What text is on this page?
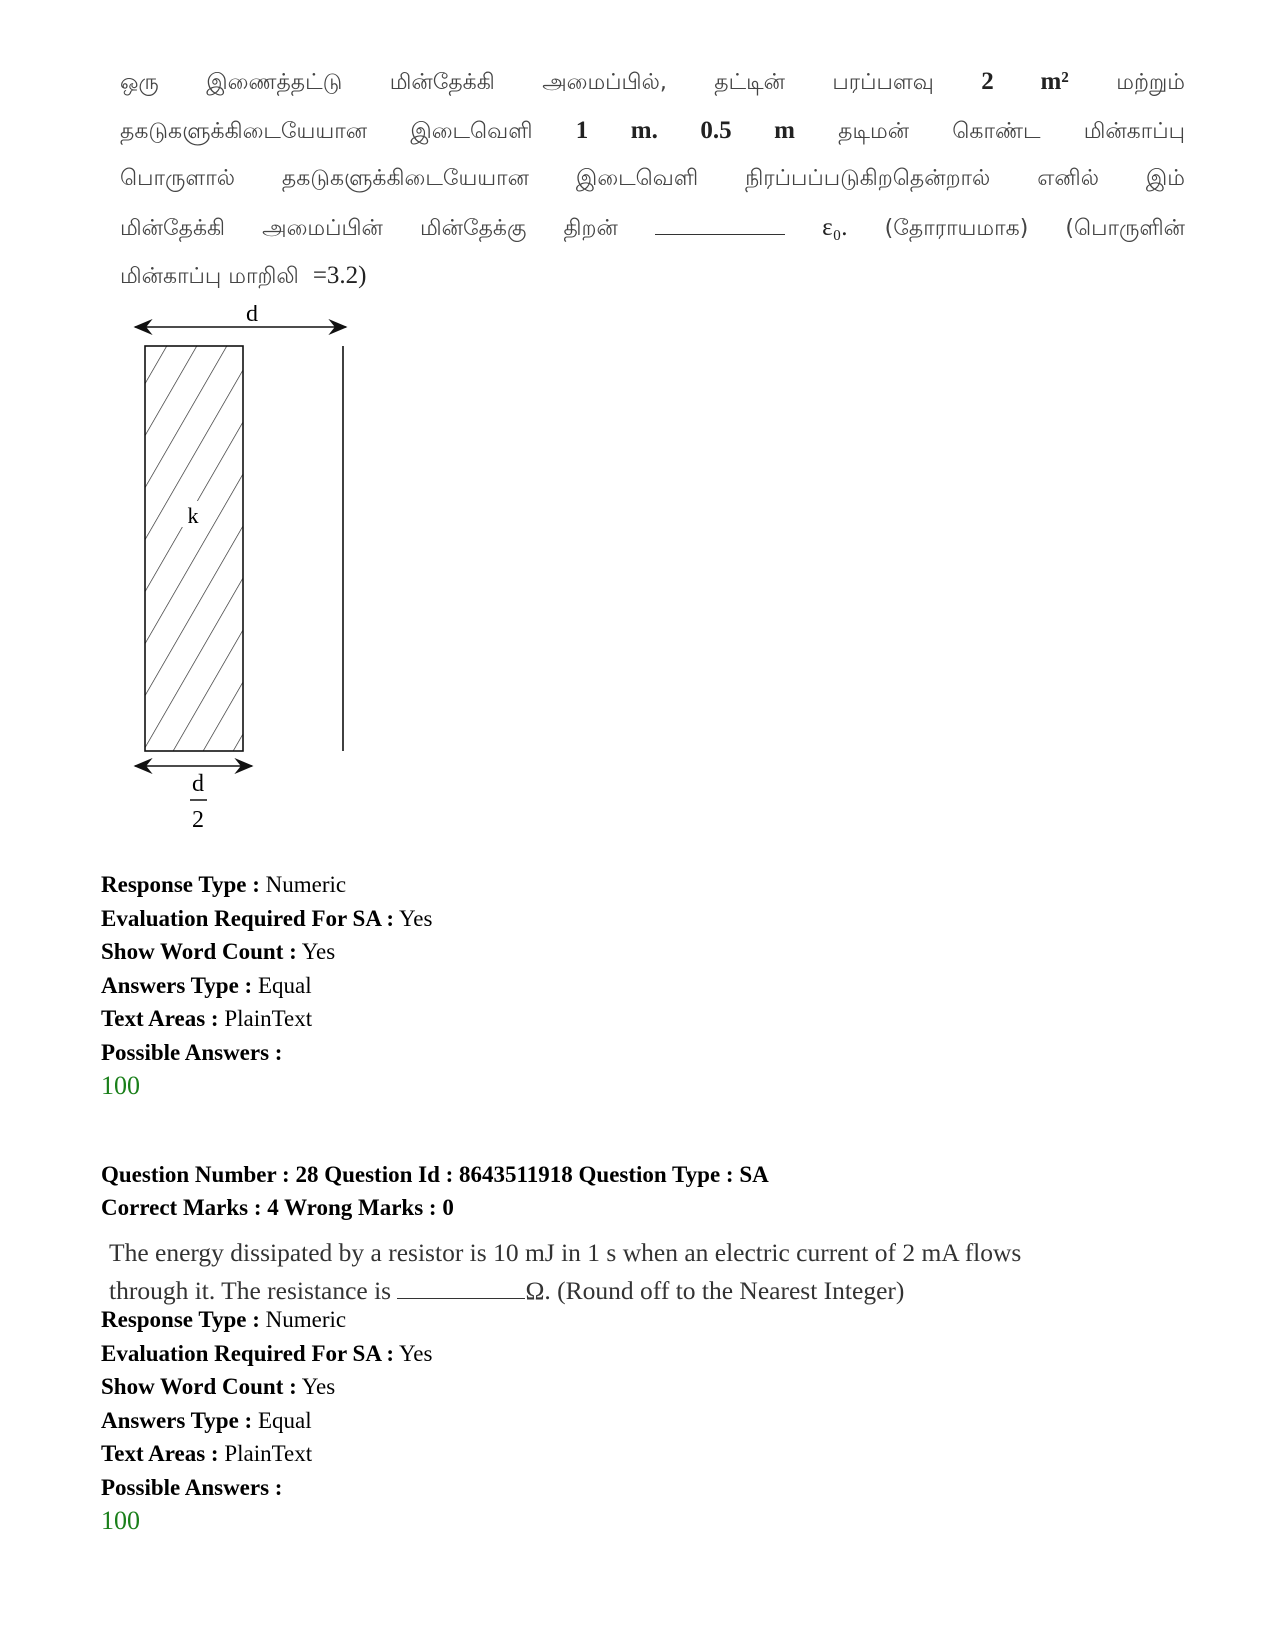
ஒரு இணைத்தட்டு மின்தேக்கி அமைப்பில், தட்டின் பரப்பளவு 2 m² மற்றும்
தகடுகளுக்கிடையேயான இடைவெளி 1 m. 0.5 m தடிமன் கொண்ட மின்காப்பு
பொருளால் தகடுகளுக்கிடையேயான இடைவெளி நிரப்பப்படுகிறதென்றால் எனில் இம்
மின்தேக்கி அமைப்பின் மின்தேக்கு திறன்	ε₀. (தோராயமாக) (பொருளின்
மின்காப்பு மாறிலி =3.2)
d
k
d
2
Response Type : Numeric
Evaluation Required For SA : Yes
Show Word Count : Yes
Answers Type : Equal
Text Areas : PlainText
Possible Answers :
100
Question Number : 28 Question Id : 8643511918 Question Type : SA
Correct Marks : 4 Wrong Marks : 0
The energy dissipated by a resistor is 10 mJ in 1 s when an electric current of 2 mA flows
through it. The resistance is	Ω. (Round off to the Nearest Integer)
Response Type : Numeric
Evaluation Required For SA : Yes
Show Word Count : Yes
Answers Type : Equal
Text Areas : PlainText
Possible Answers :
100
